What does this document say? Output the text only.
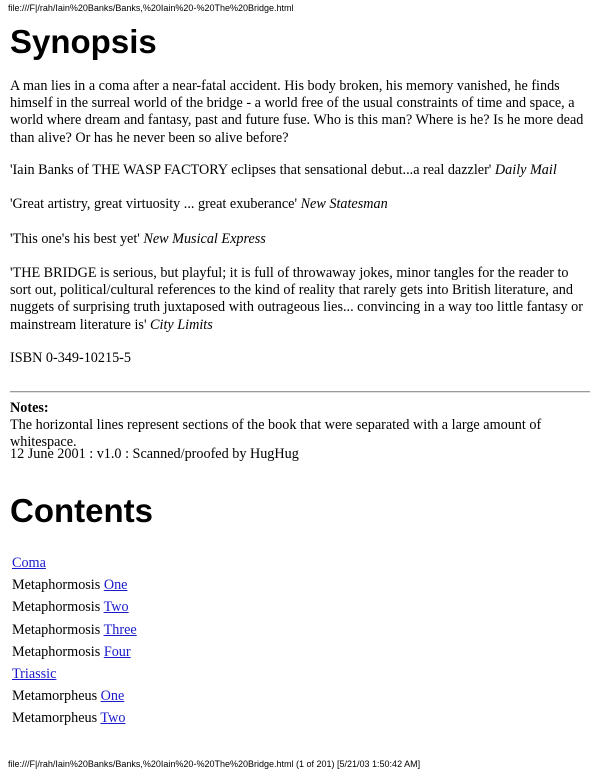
file:///F|/rah/Iain%20Banks/Banks,%20Iain%20-%20The%20Bridge.html
Synopsis

A man lies in a coma after a near-fatal accident. His body broken, his memory vanished, he finds himself in the surreal world of the bridge - a world free of the usual constraints of time and space, a world where dream and fantasy, past and future fuse. Who is this man? Where is he? Is he more dead than alive? Or has he never been so alive before?

'Iain Banks of THE WASP FACTORY eclipses that sensational debut...a real dazzler' Daily Mail

'Great artistry, great virtuosity ... great exuberance' New Statesman

'This one's his best yet' New Musical Express

'THE BRIDGE is serious, but playful; it is full of throwaway jokes, minor tangles for the reader to sort out, political/cultural references to the kind of reality that rarely gets into British literature, and nuggets of surprising truth juxtaposed with outrageous lies... convincing in a way too little fantasy or mainstream literature is' City Limits

ISBN 0-349-10215-5

Notes:
The horizontal lines represent sections of the book that were separated with a large amount of whitespace.

12 June 2001 : v1.0 : Scanned/proofed by HugHug

Contents
Coma
Metaphormosis One
Metaphormosis Two
Metaphormosis Three
Metaphormosis Four
Triassic
Metamorpheus One
Metamorpheus Two
file:///F|/rah/Iain%20Banks/Banks,%20Iain%20-%20The%20Bridge.html (1 of 201) [5/21/03 1:50:42 AM]
